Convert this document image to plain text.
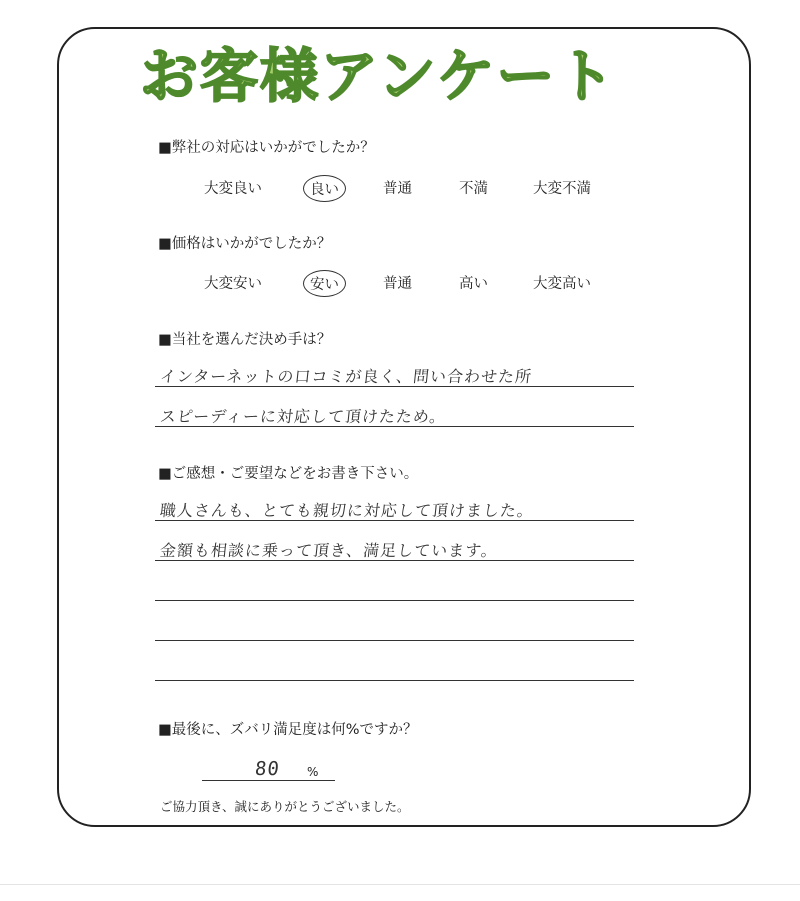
お客様アンケート
■弊社の対応はいかがでしたか？
大変良い	良い	普通	不満	大変不満
■価格はいかがでしたか？
大変安い	安い	普通	高い	大変高い
■当社を選んだ決め手は？
インターネットの口コミが良く、問い合わせた所
スピーディーに対応して頂けたため。
■ご感想・ご要望などをお書き下さい。
職人さんも、とても親切に対応して頂けました。
金額も相談に乗って頂き、満足しています。
■最後に、ズバリ満足度は何%ですか？
80 %
ご協力頂き、誠にありがとうございました。
